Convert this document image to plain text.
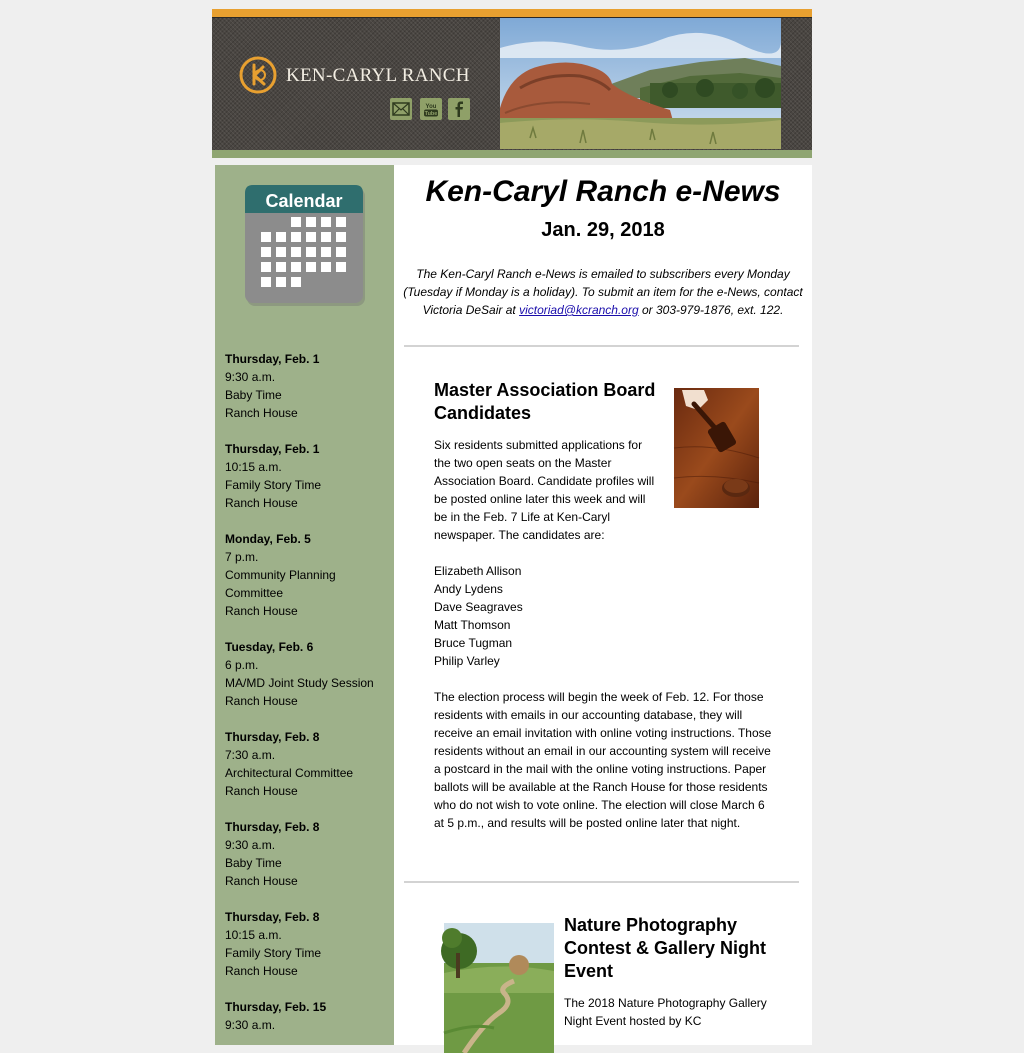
KEN-CARYL RANCH
You
Tube
Calendar
Thursday, Feb. 1
9:30 a.m.
Baby Time
Ranch House
Thursday, Feb. 1
10:15 a.m.
Family Story Time
Ranch House
Monday, Feb. 5
7 p.m.
Community Planning Committee
Ranch House
Tuesday, Feb. 6
6 p.m.
MA/MD Joint Study Session
Ranch House
Thursday, Feb. 8
7:30 a.m.
Architectural Committee
Ranch House
Thursday, Feb. 8
9:30 a.m.
Baby Time
Ranch House
Thursday, Feb. 8
10:15 a.m.
Family Story Time
Ranch House
Thursday, Feb. 15
9:30 a.m.
Ken-Caryl Ranch e-News
Jan. 29, 2018
The Ken-Caryl Ranch e-News is emailed to subscribers every Monday (Tuesday if Monday is a holiday). To submit an item for the e-News, contact Victoria DeSair at victoriad@kcranch.org or 303-979-1876, ext. 122.
Master Association Board Candidates
Six residents submitted applications for the two open seats on the Master Association Board. Candidate profiles will be posted online later this week and will be in the Feb. 7 Life at Ken-Caryl newspaper. The candidates are:
Elizabeth Allison
Andy Lydens
Dave Seagraves
Matt Thomson
Bruce Tugman
Philip Varley
The election process will begin the week of Feb. 12. For those residents with emails in our accounting database, they will receive an email invitation with online voting instructions. Those residents without an email in our accounting system will receive a postcard in the mail with the online voting instructions. Paper ballots will be available at the Ranch House for those residents who do not wish to vote online. The election will close March 6 at 5 p.m., and results will be posted online later that night.
Nature Photography Contest & Gallery Night Event
The 2018 Nature Photography Gallery Night Event hosted by KC
